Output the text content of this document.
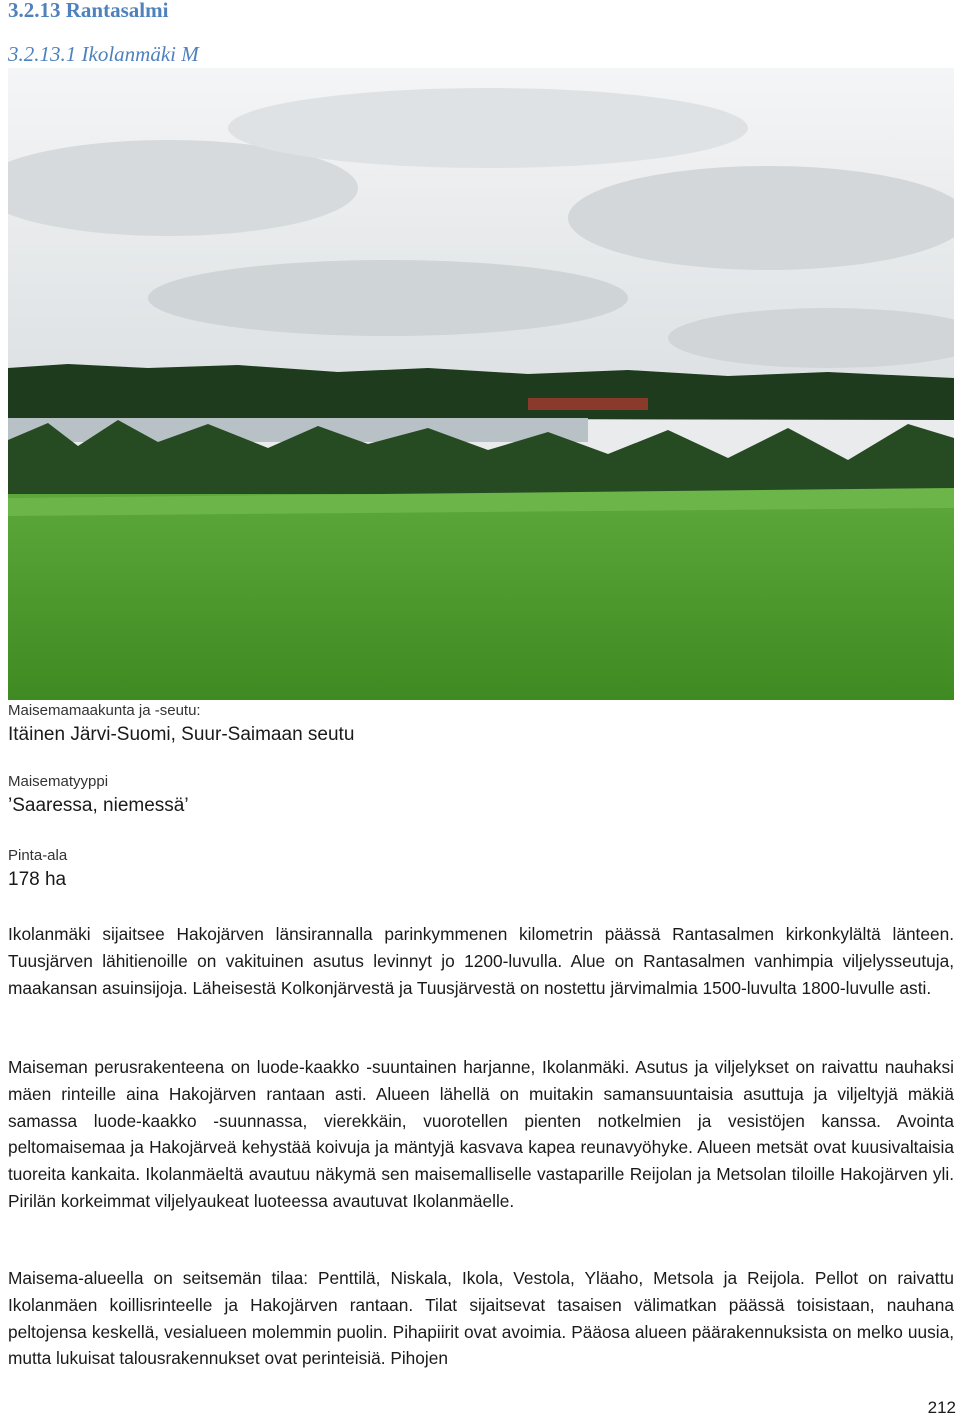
3.2.13 Rantasalmi
3.2.13.1 Ikolanmäki M
Maisemamaakunta ja -seutu:
Itäinen Järvi-Suomi, Suur-Saimaan seutu
Maisematyyppi
’Saaressa, niemessä’
Pinta-ala
178 ha

Ikolanmäki sijaitsee Hakojärven länsirannalla parinkymmenen kilometrin päässä Rantasalmen kirkonkylältä länteen. Tuusjärven lähitienoille on vakituinen asutus levinnyt jo 1200-luvulla. Alue on Rantasalmen vanhimpia viljelysseutuja, maakansan asuinsijoja. Läheisestä Kolkonjärvestä ja Tuusjärvestä on nostettu järvimalmia 1500-luvulta 1800-luvulle asti.

Maiseman perusrakenteena on luode-kaakko -suuntainen harjanne, Ikolanmäki. Asutus ja viljelykset on raivattu nauhaksi mäen rinteille aina Hakojärven rantaan asti. Alueen lähellä on muitakin samansuuntaisia asuttuja ja viljeltyjä mäkiä samassa luode-kaakko -suunnassa, vierekkäin, vuorotellen pienten notkelmien ja vesistöjen kanssa. Avointa peltomaisemaa ja Hakojärveä kehystää koivuja ja mäntyjä kasvava kapea reunavyöhyke. Alueen metsät ovat kuusivaltaisia tuoreita kankaita. Ikolanmäeltä avautuu näkymä sen maisemalliselle vastaparille Reijolan ja Metsolan tiloille Hakojärven yli. Pirilän korkeimmat viljelyaukeat luoteessa avautuvat Ikolanmäelle.

Maisema-alueella on seitsemän tilaa: Penttilä, Niskala, Ikola, Vestola, Yläaho, Metsola ja Reijola. Pellot on raivattu Ikolanmäen koillisrinteelle ja Hakojärven rantaan. Tilat sijaitsevat tasaisen välimatkan päässä toisistaan, nauhana peltojensa keskellä, vesialueen molemmin puolin. Pihapiirit ovat avoimia. Pääosa alueen päärakennuksista on melko uusia, mutta lukuisat talousrakennukset ovat perinteisiä. Pihojen

212
